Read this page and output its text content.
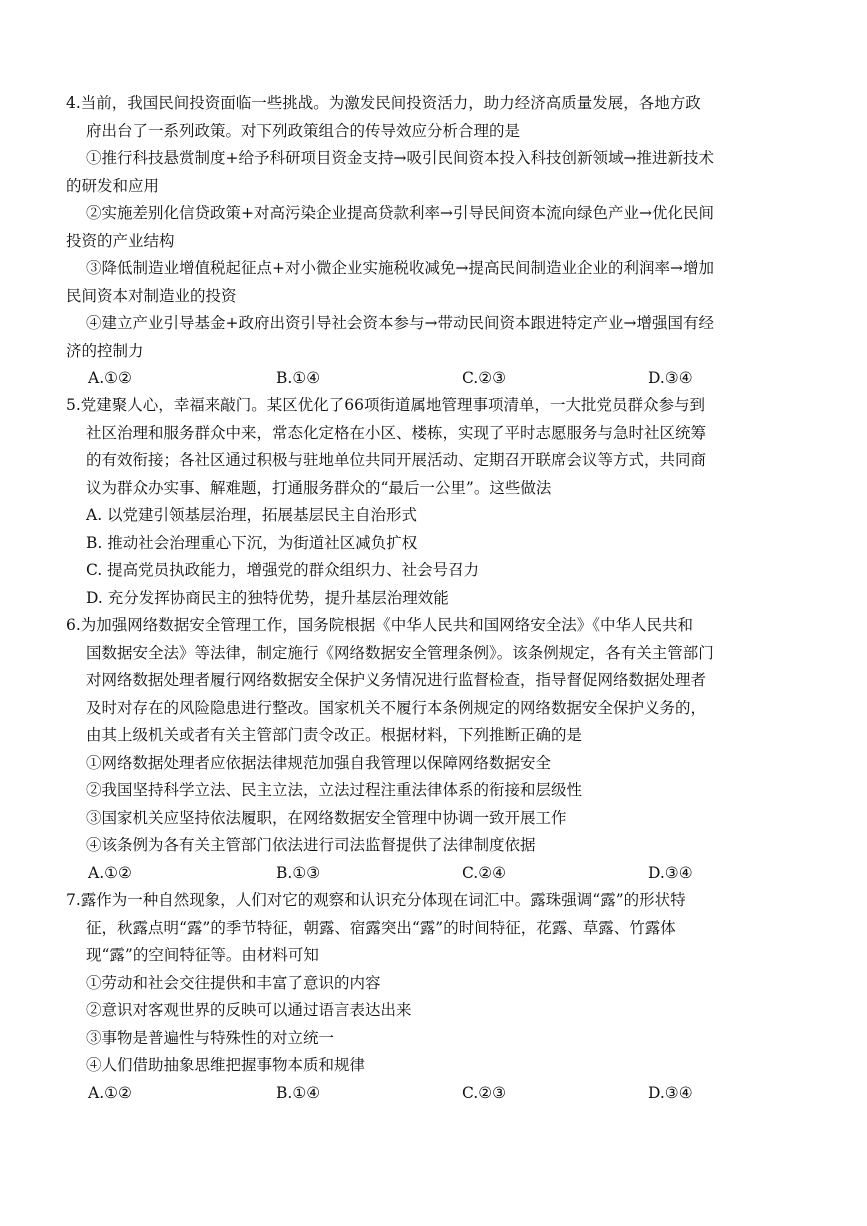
4.当前，我国民间投资面临一些挑战。为激发民间投资活力，助力经济高质量发展，各地方政
府出台了一系列政策。对下列政策组合的传导效应分析合理的是
①推行科技悬赏制度+给予科研项目资金支持→吸引民间资本投入科技创新领域→推进新技术
的研发和应用
②实施差别化信贷政策+对高污染企业提高贷款利率→引导民间资本流向绿色产业→优化民间
投资的产业结构
③降低制造业增值税起征点+对小微企业实施税收减免→提高民间制造业企业的利润率→增加
民间资本对制造业的投资
④建立产业引导基金+政府出资引导社会资本参与→带动民间资本跟进特定产业→增强国有经
济的控制力
A.①②	B.①④	C.②③	D.③④
5.党建聚人心，幸福来敲门。某区优化了66项街道属地管理事项清单，一大批党员群众参与到
社区治理和服务群众中来，常态化定格在小区、楼栋，实现了平时志愿服务与急时社区统筹
的有效衔接；各社区通过积极与驻地单位共同开展活动、定期召开联席会议等方式，共同商
议为群众办实事、解难题，打通服务群众的“最后一公里”。这些做法
A. 以党建引领基层治理，拓展基层民主自治形式
B. 推动社会治理重心下沉，为街道社区减负扩权
C. 提高党员执政能力，增强党的群众组织力、社会号召力
D. 充分发挥协商民主的独特优势，提升基层治理效能
6.为加强网络数据安全管理工作，国务院根据《中华人民共和国网络安全法》《中华人民共和
国数据安全法》等法律，制定施行《网络数据安全管理条例》。该条例规定，各有关主管部门
对网络数据处理者履行网络数据安全保护义务情况进行监督检查，指导督促网络数据处理者
及时对存在的风险隐患进行整改。国家机关不履行本条例规定的网络数据安全保护义务的，
由其上级机关或者有关主管部门责令改正。根据材料，下列推断正确的是
①网络数据处理者应依据法律规范加强自我管理以保障网络数据安全
②我国坚持科学立法、民主立法，立法过程注重法律体系的衔接和层级性
③国家机关应坚持依法履职，在网络数据安全管理中协调一致开展工作
④该条例为各有关主管部门依法进行司法监督提供了法律制度依据
A.①②	B.①③	C.②④	D.③④
7.露作为一种自然现象，人们对它的观察和认识充分体现在词汇中。露珠强调“露”的形状特
征，秋露点明“露”的季节特征，朝露、宿露突出“露”的时间特征，花露、草露、竹露体
现“露”的空间特征等。由材料可知
①劳动和社会交往提供和丰富了意识的内容
②意识对客观世界的反映可以通过语言表达出来
③事物是普遍性与特殊性的对立统一
④人们借助抽象思维把握事物本质和规律
A.①②	B.①④	C.②③	D.③④
